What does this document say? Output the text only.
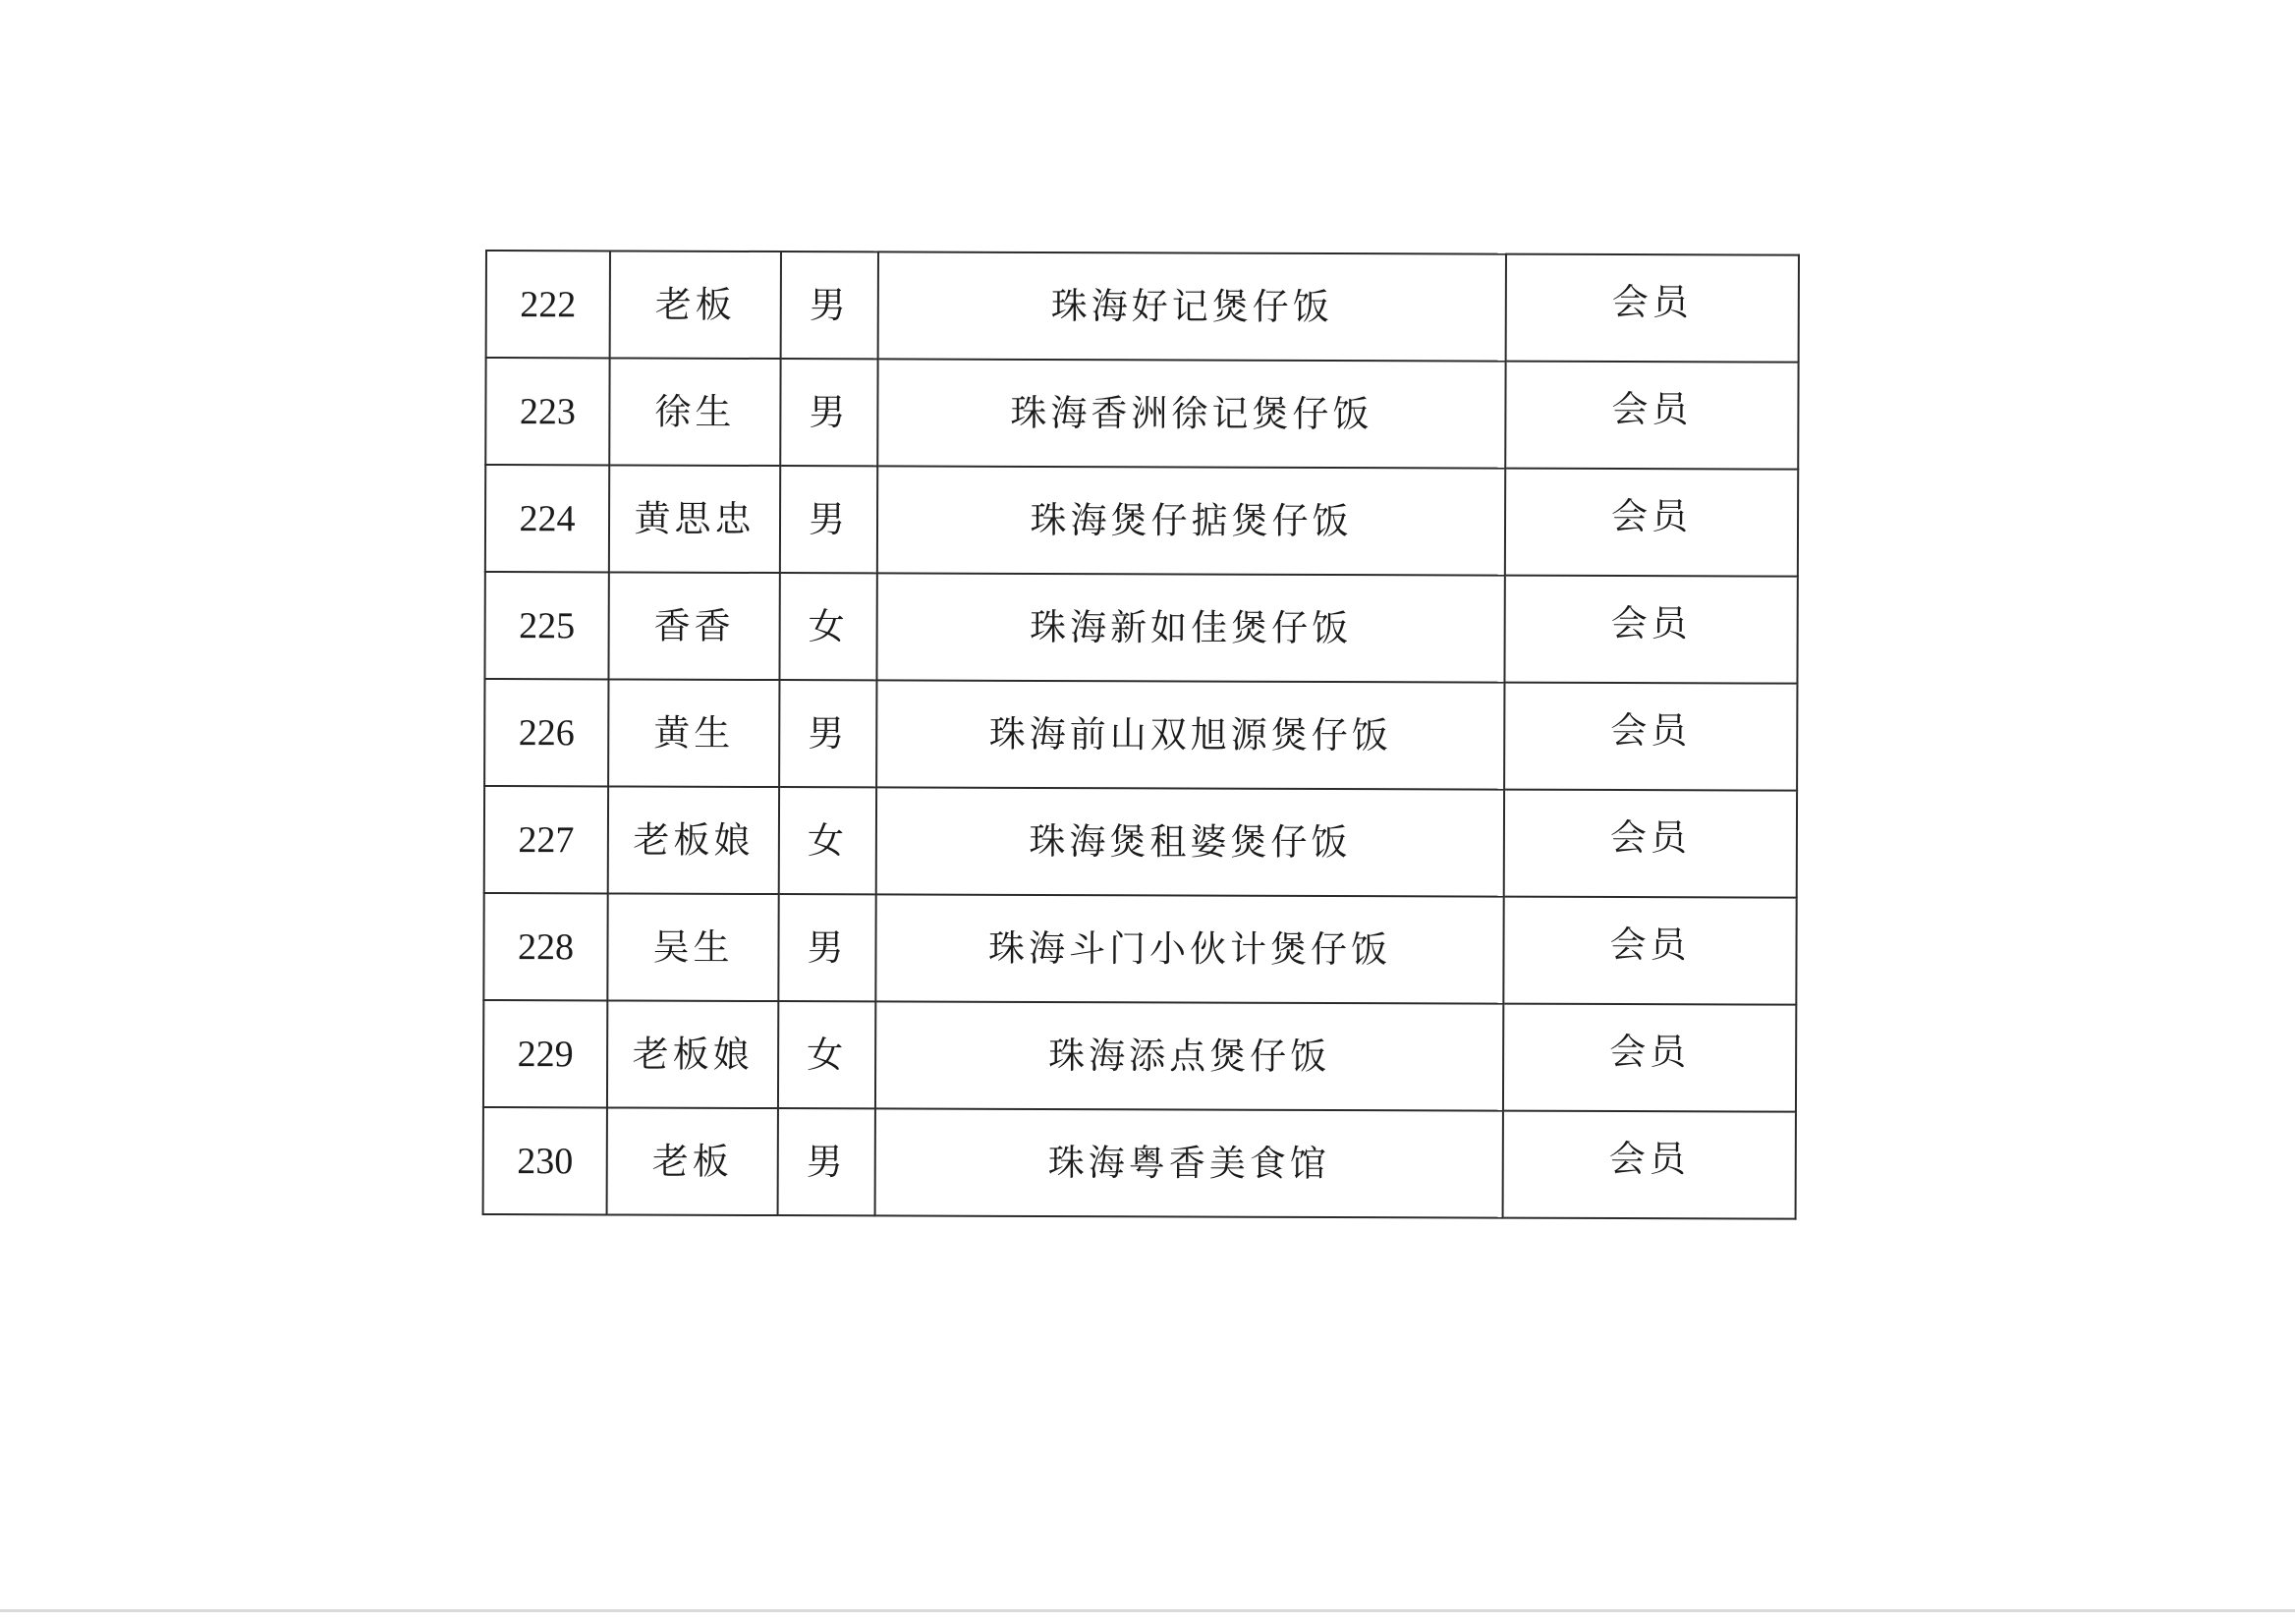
222	老板	男	珠海好记煲仔饭	会员
223	徐生	男	珠海香洲徐记煲仔饭	会员
224	黄思忠	男	珠海煲仔掂煲仔饭	会员
225	香香	女	珠海新如佳煲仔饭	会员
226	黄生	男	珠海前山双旭源煲仔饭	会员
227	老板娘	女	珠海煲租婆煲仔饭	会员
228	吴生	男	珠海斗门小伙计煲仔饭	会员
229	老板娘	女	珠海添点煲仔饭	会员
230	老板	男	珠海粤香美食馆	会员
